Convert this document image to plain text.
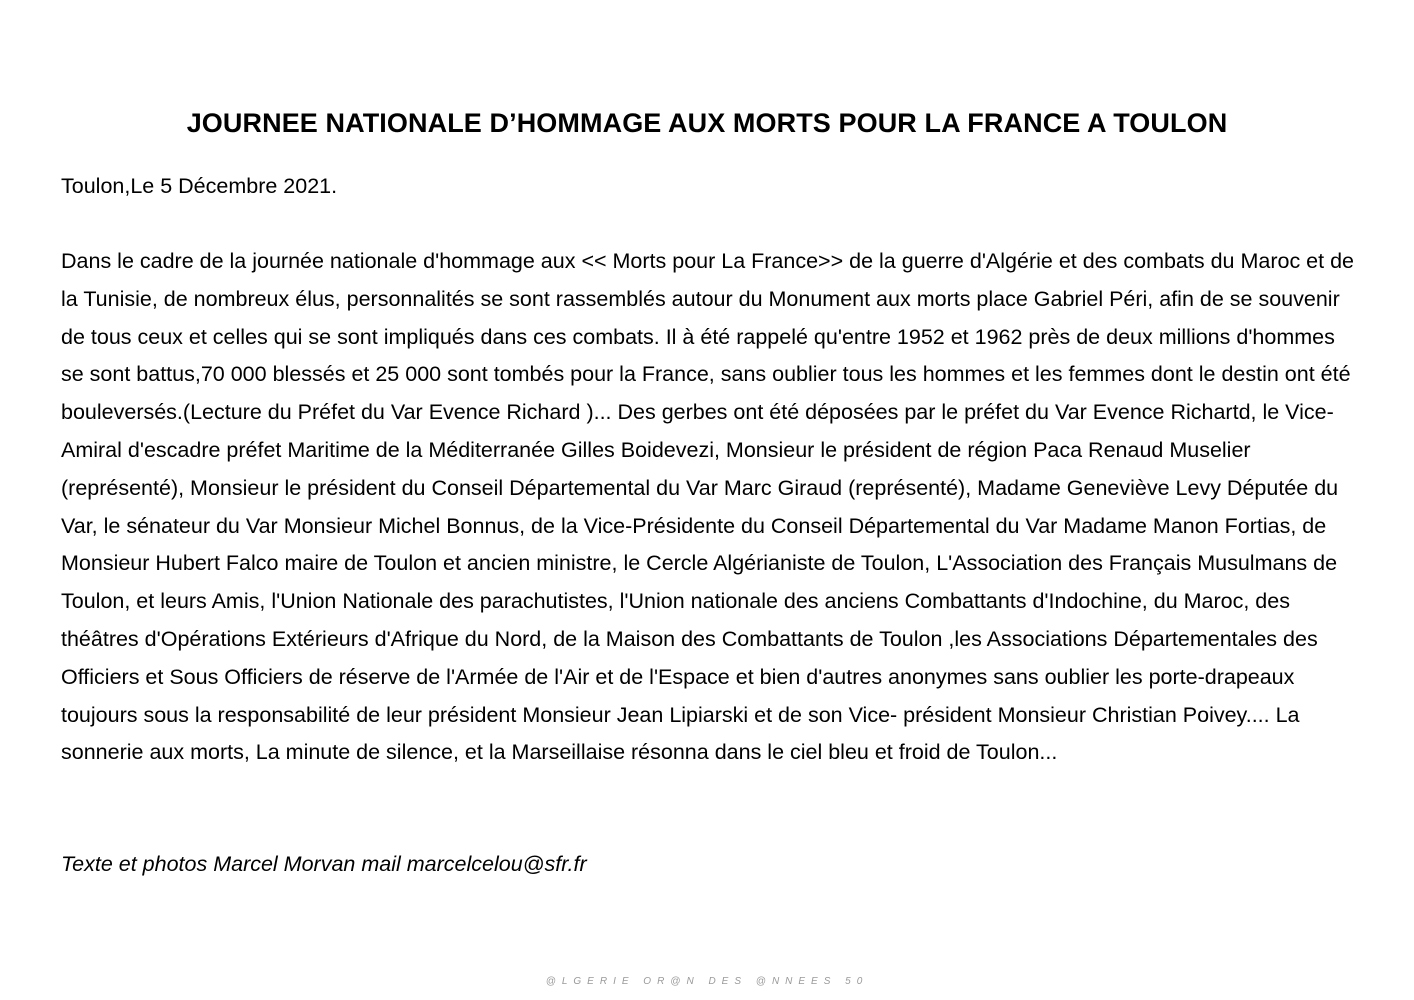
JOURNEE NATIONALE D’HOMMAGE AUX MORTS POUR LA FRANCE A TOULON

Toulon,Le 5 Décembre 2021.

Dans le cadre de la journée nationale d'hommage aux << Morts pour La France>> de la guerre d'Algérie et des combats du Maroc et de la Tunisie, de nombreux élus, personnalités se sont rassemblés autour du Monument aux morts place Gabriel Péri, afin de se souvenir de tous ceux et celles qui se sont impliqués dans ces combats. Il à été rappelé qu'entre 1952 et 1962 près de deux millions d'hommes se sont battus,70 000 blessés et 25 000 sont tombés pour la France, sans oublier tous les hommes et les femmes dont le destin ont été bouleversés.(Lecture du Préfet du Var Evence Richard )... Des gerbes ont été déposées par le préfet du Var Evence Richartd, le Vice-Amiral d'escadre préfet Maritime de la Méditerranée Gilles Boidevezi, Monsieur le président de région Paca Renaud Muselier (représenté), Monsieur le président du Conseil Départemental du Var Marc Giraud (représenté), Madame Geneviève Levy Députée du Var, le sénateur du Var Monsieur Michel Bonnus, de la Vice-Présidente du Conseil Départemental du Var Madame Manon Fortias, de Monsieur Hubert Falco maire de Toulon et ancien ministre, le Cercle Algérianiste de Toulon, L'Association des Français Musulmans de Toulon, et leurs Amis, l'Union Nationale des parachutistes, l'Union nationale des anciens Combattants d'Indochine, du Maroc, des théâtres d'Opérations Extérieurs d'Afrique du Nord, de la Maison des Combattants de Toulon ,les Associations Départementales des Officiers et Sous Officiers de réserve de l'Armée de l'Air et de l'Espace et bien d'autres anonymes sans oublier les porte-drapeaux toujours sous la responsabilité de leur président Monsieur Jean Lipiarski et de son Vice- président Monsieur Christian Poivey.... La sonnerie aux morts, La minute de silence, et la Marseillaise résonna dans le ciel bleu et froid de Toulon...

Texte et photos Marcel Morvan mail marcelcelou@sfr.fr

@LGERIE OR@N DES @NNEES 50
